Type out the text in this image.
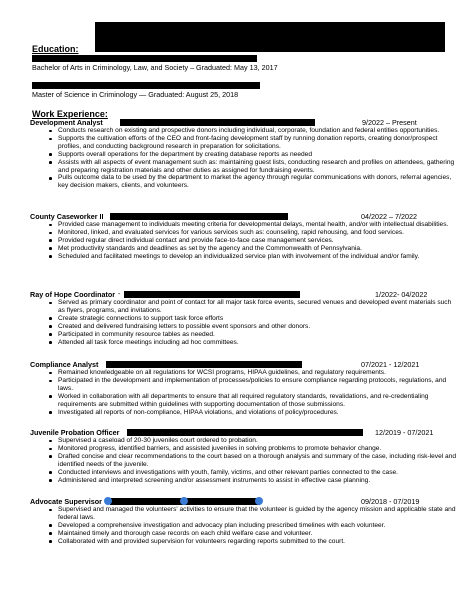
Education:
Bachelor of Arts in Criminology, Law, and Society – Graduated: May 13, 2017
Master of Science in Criminology — Graduated: August 25, 2018
Work Experience:
Development Analyst	9/2022 – Present
Conducts research on existing and prospective donors including individual, corporate, foundation and federal entities opportunities.
Supports the cultivation efforts of the CEO and front-facing development staff by running donation reports, creating donor/prospect profiles, and conducting background research in preparation for solicitations.
Supports overall operations for the department by creating database reports as needed
Assists with all aspects of event management such as: maintaining guest lists, conducting research and profiles on attendees, gathering and preparing registration materials and other duties as assigned for fundraising events.
Pulls outcome data to be used by the department to market the agency through regular communications with donors, referral agencies, key decision makers, clients, and volunteers.
County Caseworker II	04/2022 – 7/2022
Provided case management to individuals meeting criteria for developmental delays, mental health, and/or with intellectual disabilities.
Monitored, linked, and evaluated services for various services such as: counseling, rapid rehousing, and food services.
Provided regular direct individual contact and provide face-to-face case management services.
Met productivity standards and deadlines as set by the agency and the Commonwealth of Pennsylvania.
Scheduled and facilitated meetings to develop an individualized service plan with involvement of the individual and/or family.
Ray of Hope Coordinator -	1/2022- 04/2022
Served as primary coordinator and point of contact for all major task force events, secured venues and developed event materials such as flyers, programs, and invitations.
Create strategic connections to support task force efforts
Created and delivered fundraising letters to possible event sponsors and other donors.
Participated in community resource tables as needed.
Attended all task force meetings including ad hoc committees.
Compliance Analyst	07/2021 - 12/2021
Remained knowledgeable on all regulations for WCSI programs, HIPAA guidelines, and regulatory requirements.
Participated in the development and implementation of processes/policies to ensure compliance regarding protocols, regulations, and laws.
Worked in collaboration with all departments to ensure that all required regulatory standards, revalidations, and re-credentialing requirements are submitted within guidelines with supporting documentation of those submissions.
Investigated all reports of non-compliance, HIPAA violations, and violations of policy/procedures.
Juvenile Probation Officer	12/2019 - 07/2021
Supervised a caseload of 20-30 juveniles court ordered to probation.
Monitored progress, identified barriers, and assisted juveniles in solving problems to promote behavior change.
Drafted concise and clear recommendations to the court based on a thorough analysis and summary of the case, including risk-level and identified needs of the juvenile.
Conducted interviews and investigations with youth, family, victims, and other relevant parties connected to the case.
Administered and interpreted screening and/or assessment instruments to assist in effective case planning.
Advocate Supervisor	09/2018 - 07/2019
Supervised and managed the volunteers' activities to ensure that the volunteer is guided by the agency mission and applicable state and federal laws.
Developed a comprehensive investigation and advocacy plan including prescribed timelines with each volunteer.
Maintained timely and thorough case records on each child welfare case and volunteer.
Collaborated with and provided supervision for volunteers regarding reports submitted to the court.
